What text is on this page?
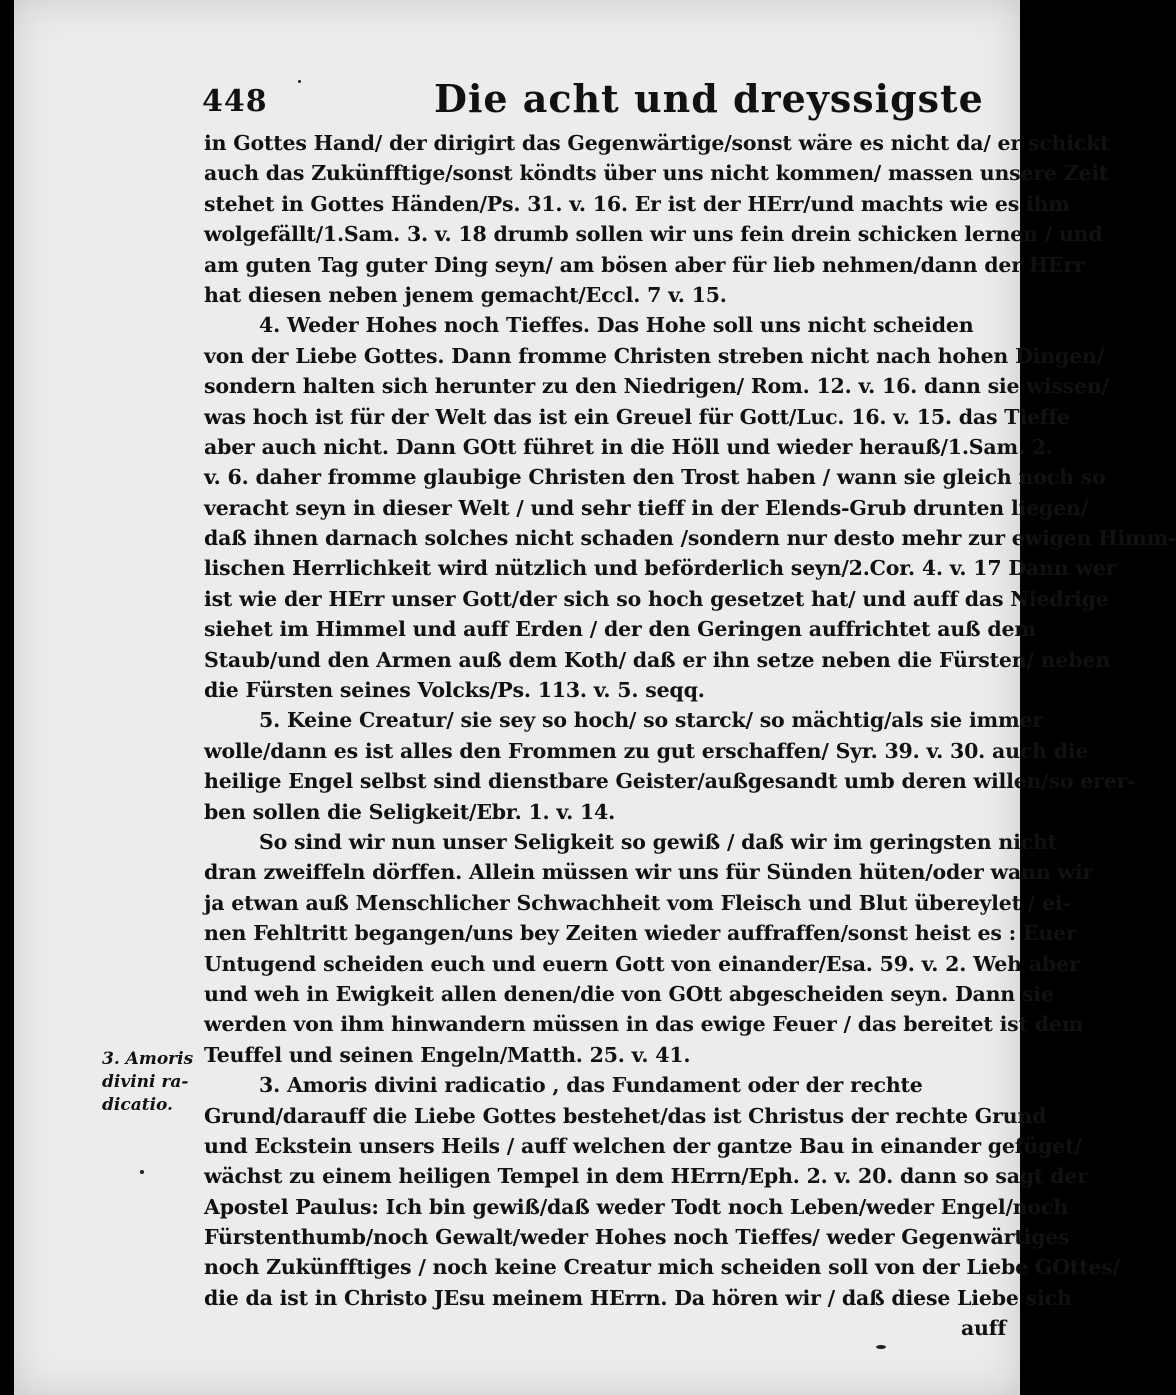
448	Die acht und dreyssigste
3. Amoris
divini ra-
dicatio.
in Gottes Hand/ der dirigirt das Gegenwärtige/sonst wäre es nicht da/ er schickt
auch das Zukünfftige/sonst köndts über uns nicht kommen/ massen unsere Zeit
stehet in Gottes Händen/Ps. 31. v. 16. Er ist der HErr/und machts wie es ihm
wolgefällt/1.Sam. 3. v. 18 drumb sollen wir uns fein drein schicken lernen / und
am guten Tag guter Ding seyn/ am bösen aber für lieb nehmen/dann der HErr
hat diesen neben jenem gemacht/Eccl. 7 v. 15.
4. Weder Hohes noch Tieffes. Das Hohe soll uns nicht scheiden
von der Liebe Gottes. Dann fromme Christen streben nicht nach hohen Dingen/
sondern halten sich herunter zu den Niedrigen/ Rom. 12. v. 16. dann sie wissen/
was hoch ist für der Welt das ist ein Greuel für Gott/Luc. 16. v. 15. das Tieffe
aber auch nicht. Dann GOtt führet in die Höll und wieder herauß/1.Sam. 2.
v. 6. daher fromme glaubige Christen den Trost haben / wann sie gleich noch so
veracht seyn in dieser Welt / und sehr tieff in der Elends-Grub drunten liegen/
daß ihnen darnach solches nicht schaden /sondern nur desto mehr zur ewigen Himm-
lischen Herrlichkeit wird nützlich und beförderlich seyn/2.Cor. 4. v. 17 Dann wer
ist wie der HErr unser Gott/der sich so hoch gesetzet hat/ und auff das Niedrige
siehet im Himmel und auff Erden / der den Geringen auffrichtet auß dem
Staub/und den Armen auß dem Koth/ daß er ihn setze neben die Fürsten/ neben
die Fürsten seines Volcks/Ps. 113. v. 5. seqq.
5. Keine Creatur/ sie sey so hoch/ so starck/ so mächtig/als sie immer
wolle/dann es ist alles den Frommen zu gut erschaffen/ Syr. 39. v. 30. auch die
heilige Engel selbst sind dienstbare Geister/außgesandt umb deren willen/so erer-
ben sollen die Seligkeit/Ebr. 1. v. 14.
So sind wir nun unser Seligkeit so gewiß / daß wir im geringsten nicht
dran zweiffeln dörffen. Allein müssen wir uns für Sünden hüten/oder wann wir
ja etwan auß Menschlicher Schwachheit vom Fleisch und Blut übereylet / ei-
nen Fehltritt begangen/uns bey Zeiten wieder auffraffen/sonst heist es : Euer
Untugend scheiden euch und euern Gott von einander/Esa. 59. v. 2. Weh aber
und weh in Ewigkeit allen denen/die von GOtt abgescheiden seyn. Dann sie
werden von ihm hinwandern müssen in das ewige Feuer / das bereitet ist dem
Teuffel und seinen Engeln/Matth. 25. v. 41.
3. Amoris divini radicatio , das Fundament oder der rechte
Grund/darauff die Liebe Gottes bestehet/das ist Christus der rechte Grund
und Eckstein unsers Heils / auff welchen der gantze Bau in einander gefüget/
wächst zu einem heiligen Tempel in dem HErrn/Eph. 2. v. 20. dann so sagt der
Apostel Paulus: Ich bin gewiß/daß weder Todt noch Leben/weder Engel/noch
Fürstenthumb/noch Gewalt/weder Hohes noch Tieffes/ weder Gegenwärtiges
noch Zukünfftiges / noch keine Creatur mich scheiden soll von der Liebe GOttes/
die da ist in Christo JEsu meinem HErrn. Da hören wir / daß diese Liebe sich
auff
